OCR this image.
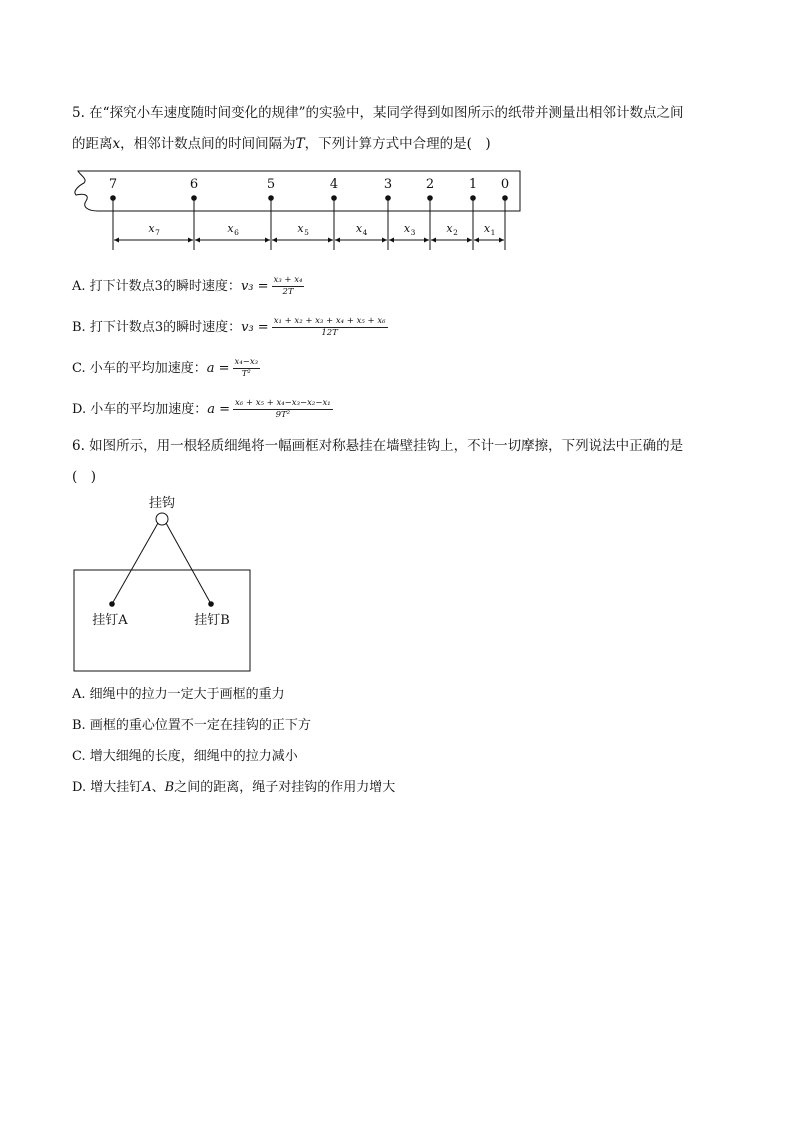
5. 在“探究小车速度随时间变化的规律”的实验中，某同学得到如图所示的纸带并测量出相邻计数点之间
的距离x，相邻计数点间的时间间隔为T，下列计算方式中合理的是(　)
7	6	5	4	3	2	1 0
x 7	x 6	x 5	x 4	x 3	x 2 x 1
A. 打下计数点3的瞬时速度：$v_3 = \frac{\text{x₃ + x₄}}{2T}$
B. 打下计数点3的瞬时速度：$v_3 = \frac{\text{x₁ + x₂ + x₃ + x₄ + x₅ + x₆}}{12T}$
C. 小车的平均加速度：$a = \frac{\text{x₄−x₃}}{\text{T²}}$
D. 小车的平均加速度：$a = \frac{\text{x₆ + x₅ + x₄−x₃−x₂−x₁}}{\text{9T²}}$
6. 如图所示，用一根轻质细绳将一幅画框对称悬挂在墙壁挂钩上，不计一切摩擦，下列说法中正确的是
(　)
挂钩
挂钉A	挂钉B
A. 细绳中的拉力一定大于画框的重力
B. 画框的重心位置不一定在挂钩的正下方
C. 增大细绳的长度，细绳中的拉力减小
D. 增大挂钉A、B之间的距离，绳子对挂钩的作用力增大
